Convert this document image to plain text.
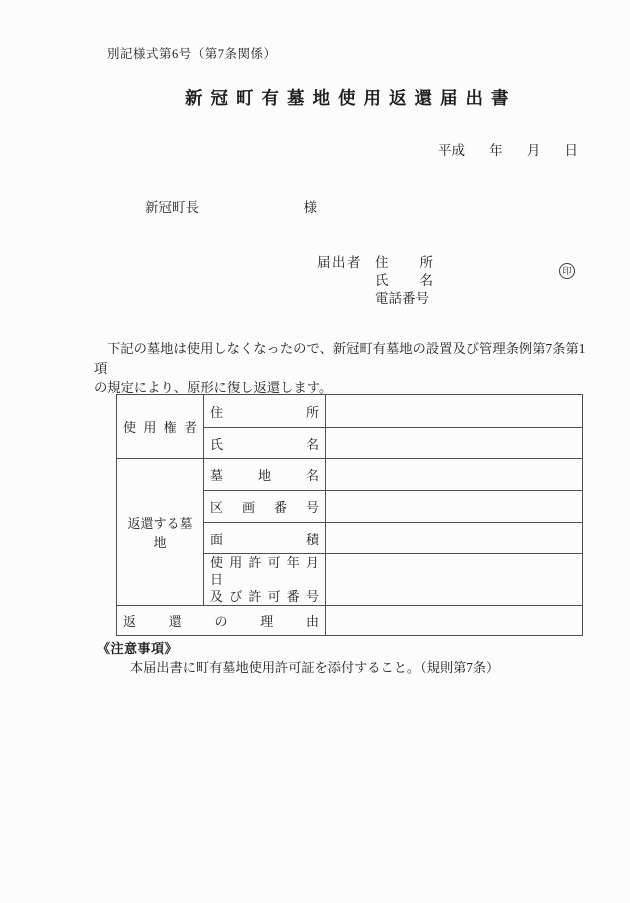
別記様式第6号（第7条関係）
新冠町有墓地使用返還届出書
平成 年 月 日
新冠町長	様
届出者 住 所
氏 名
電話番号
印
下記の墓地は使用しなくなったので、新冠町有墓地の設置及び管理条例第7条第1項
の規定により、原形に復し返還します。
使 用 権 者	住 所	
	氏 名	
返還する墓地	墓 地 名	
	区 画 番 号	
	面 積	

	使 用 許 可 年 月 日
及 び 許 可 番 号	

返 還 の 理 由		
《注意事項》
本届出書に町有墓地使用許可証を添付すること。（規則第7条）
